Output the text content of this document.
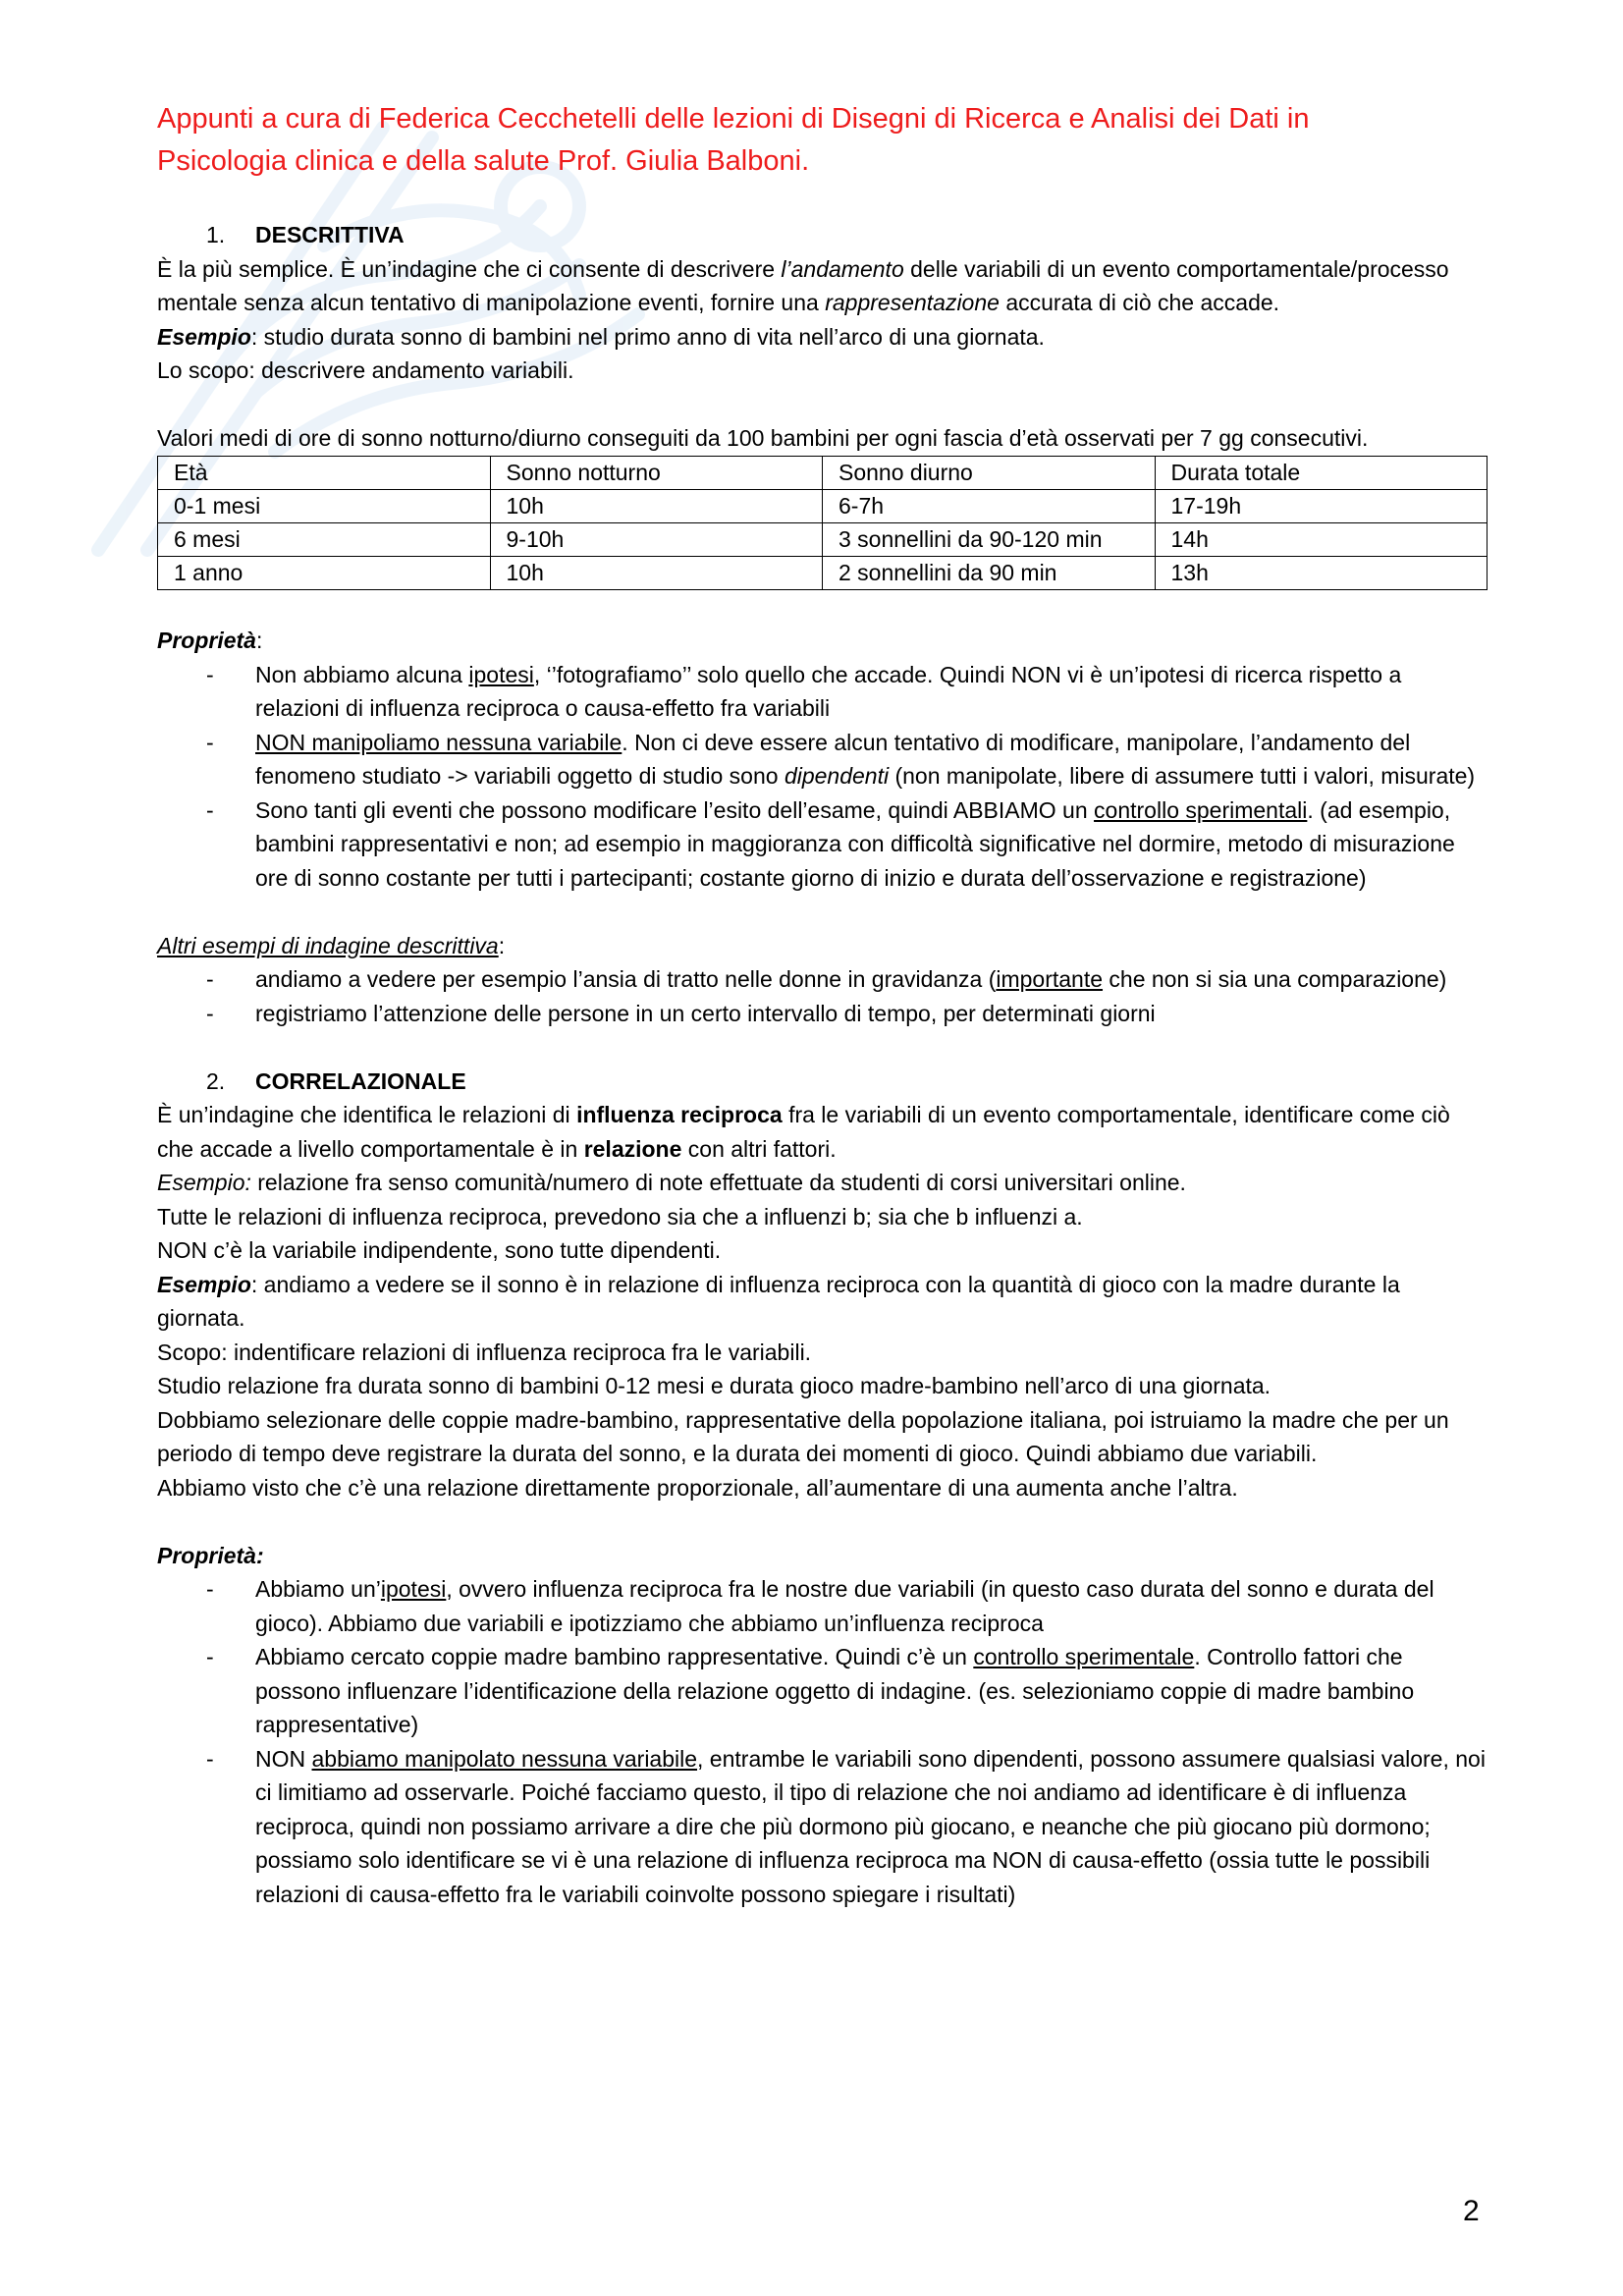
Appunti a cura di Federica Cecchetelli delle lezioni di Disegni di Ricerca e Analisi dei Dati in
Psicologia clinica e della salute Prof. Giulia Balboni.

1. DESCRITTIVA

È la più semplice. È un’indagine che ci consente di descrivere l’andamento delle variabili di un evento comportamentale/processo mentale senza alcun tentativo di manipolazione eventi, fornire una rappresentazione accurata di ciò che accade.

Esempio: studio durata sonno di bambini nel primo anno di vita nell’arco di una giornata.

Lo scopo: descrivere andamento variabili.

Valori medi di ore di sonno notturno/diurno conseguiti da 100 bambini per ogni fascia d’età osservati per 7 gg consecutivi.

Età	Sonno notturno	Sonno diurno	Durata totale
0-1 mesi	10h	6-7h	17-19h
6 mesi	9-10h	3 sonnellini da 90-120 min	14h
1 anno	10h	2 sonnellini da 90 min	13h

Proprietà:

- Non abbiamo alcuna ipotesi, ‘’fotografiamo’’ solo quello che accade. Quindi NON vi è un’ipotesi di ricerca rispetto a relazioni di influenza reciproca o causa-effetto fra variabili
- NON manipoliamo nessuna variabile. Non ci deve essere alcun tentativo di modificare, manipolare, l’andamento del fenomeno studiato -> variabili oggetto di studio sono dipendenti (non manipolate, libere di assumere tutti i valori, misurate)
- Sono tanti gli eventi che possono modificare l’esito dell’esame, quindi ABBIAMO un controllo sperimentali. (ad esempio, bambini rappresentativi e non; ad esempio in maggioranza con difficoltà significative nel dormire, metodo di misurazione ore di sonno costante per tutti i partecipanti; costante giorno di inizio e durata dell’osservazione e registrazione)

Altri esempi di indagine descrittiva:

- andiamo a vedere per esempio l’ansia di tratto nelle donne in gravidanza (importante che non si sia una comparazione)
- registriamo l’attenzione delle persone in un certo intervallo di tempo, per determinati giorni

2. CORRELAZIONALE

È un’indagine che identifica le relazioni di influenza reciproca fra le variabili di un evento comportamentale, identificare come ciò che accade a livello comportamentale è in relazione con altri fattori.

Esempio: relazione fra senso comunità/numero di note effettuate da studenti di corsi universitari online.

Tutte le relazioni di influenza reciproca, prevedono sia che a influenzi b; sia che b influenzi a.

NON c’è la variabile indipendente, sono tutte dipendenti.

Esempio: andiamo a vedere se il sonno è in relazione di influenza reciproca con la quantità di gioco con la madre durante la giornata.

Scopo: indentificare relazioni di influenza reciproca fra le variabili.

Studio relazione fra durata sonno di bambini 0-12 mesi e durata gioco madre-bambino nell’arco di una giornata.

Dobbiamo selezionare delle coppie madre-bambino, rappresentative della popolazione italiana, poi istruiamo la madre che per un periodo di tempo deve registrare la durata del sonno, e la durata dei momenti di gioco. Quindi abbiamo due variabili.

Abbiamo visto che c’è una relazione direttamente proporzionale, all’aumentare di una aumenta anche l’altra.

Proprietà:

- Abbiamo un’ipotesi, ovvero influenza reciproca fra le nostre due variabili (in questo caso durata del sonno e durata del gioco). Abbiamo due variabili e ipotizziamo che abbiamo un’influenza reciproca
- Abbiamo cercato coppie madre bambino rappresentative. Quindi c’è un controllo sperimentale. Controllo fattori che possono influenzare l’identificazione della relazione oggetto di indagine. (es. selezioniamo coppie di madre bambino rappresentative)
- NON abbiamo manipolato nessuna variabile, entrambe le variabili sono dipendenti, possono assumere qualsiasi valore, noi ci limitiamo ad osservarle. Poiché facciamo questo, il tipo di relazione che noi andiamo ad identificare è di influenza reciproca, quindi non possiamo arrivare a dire che più dormono più giocano, e neanche che più giocano più dormono; possiamo solo identificare se vi è una relazione di influenza reciproca ma NON di causa-effetto (ossia tutte le possibili relazioni di causa-effetto fra le variabili coinvolte possono spiegare i risultati)
2
